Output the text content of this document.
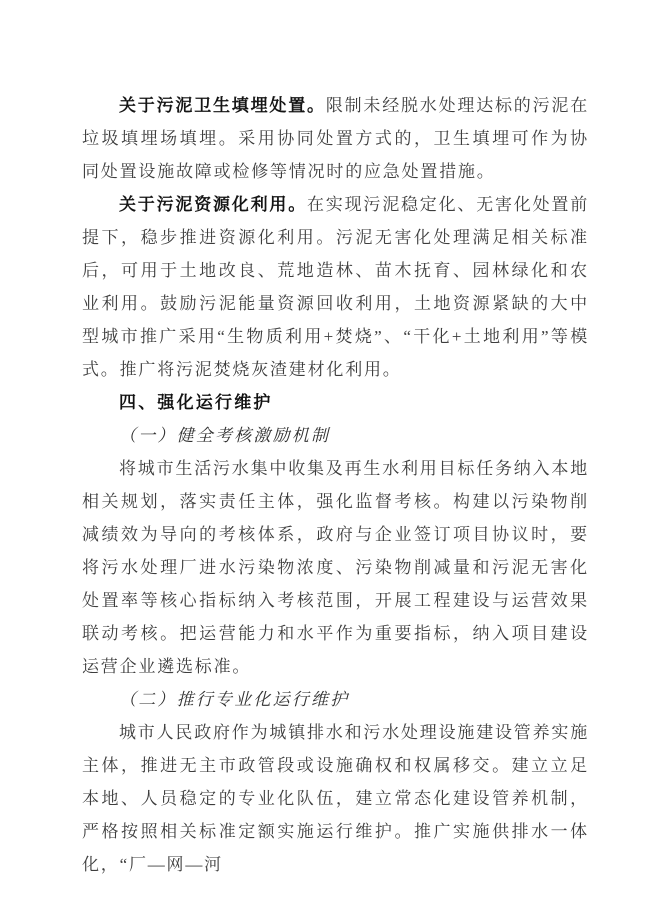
关于污泥卫生填埋处置。限制未经脱水处理达标的污泥在垃圾填埋场填埋。采用协同处置方式的，卫生填埋可作为协同处置设施故障或检修等情况时的应急处置措施。

关于污泥资源化利用。在实现污泥稳定化、无害化处置前提下，稳步推进资源化利用。污泥无害化处理满足相关标准后，可用于土地改良、荒地造林、苗木抚育、园林绿化和农业利用。鼓励污泥能量资源回收利用，土地资源紧缺的大中型城市推广采用“生物质利用+焚烧”、“干化+土地利用”等模式。推广将污泥焚烧灰渣建材化利用。

四、强化运行维护

（一）健全考核激励机制

将城市生活污水集中收集及再生水利用目标任务纳入本地相关规划，落实责任主体，强化监督考核。构建以污染物削减绩效为导向的考核体系，政府与企业签订项目协议时，要将污水处理厂进水污染物浓度、污染物削减量和污泥无害化处置率等核心指标纳入考核范围，开展工程建设与运营效果联动考核。把运营能力和水平作为重要指标，纳入项目建设运营企业遴选标准。

（二）推行专业化运行维护

城市人民政府作为城镇排水和污水处理设施建设管养实施主体，推进无主市政管段或设施确权和权属移交。建立立足本地、人员稳定的专业化队伍，建立常态化建设管养机制，严格按照相关标准定额实施运行维护。推广实施供排水一体化，“厂—网—河
